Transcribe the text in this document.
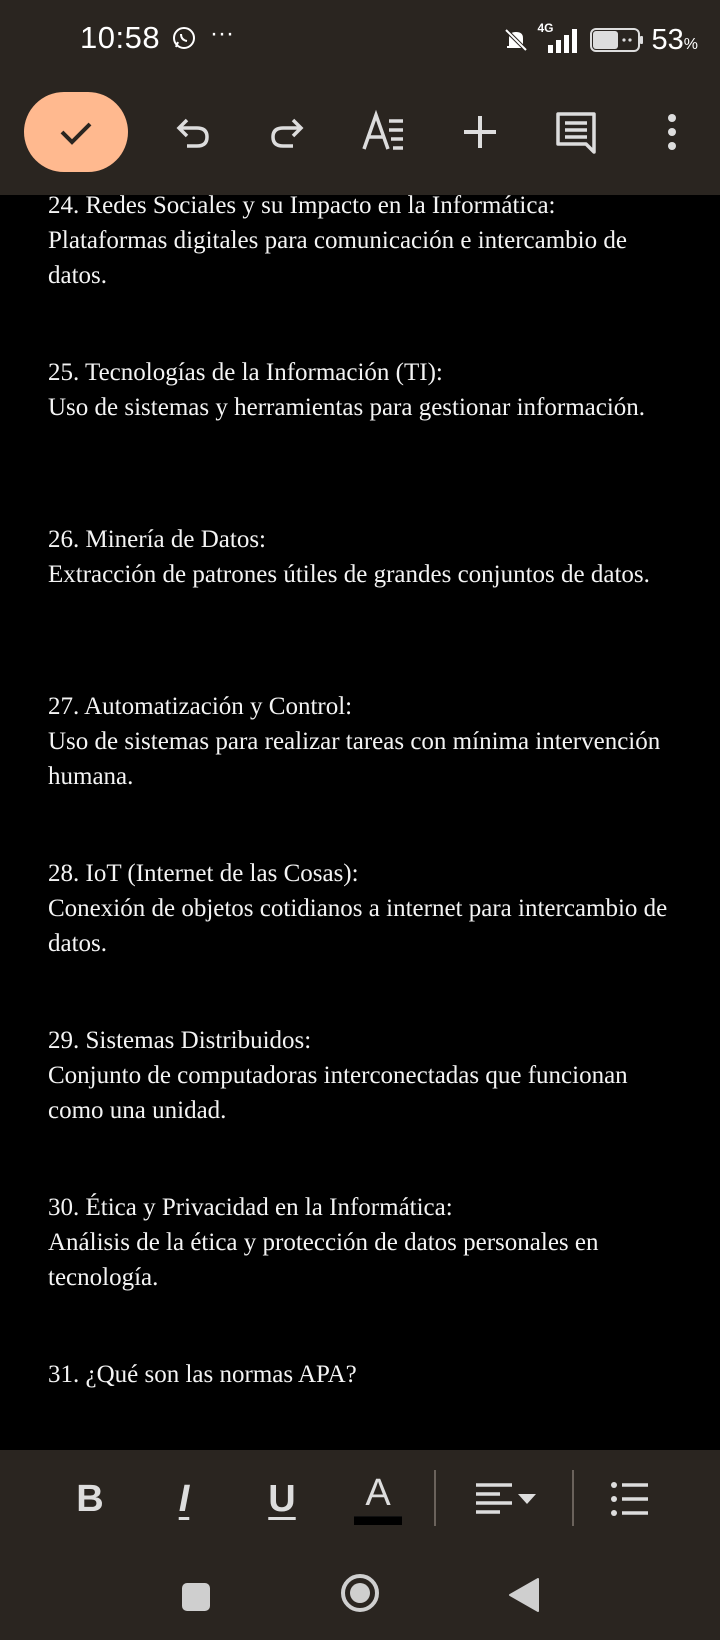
10:58 ···	4G	53%
24. Redes Sociales y su Impacto en la Informática:
Plataformas digitales para comunicación e intercambio de datos.
25. Tecnologías de la Información (TI):
Uso de sistemas y herramientas para gestionar información.
26. Minería de Datos:
Extracción de patrones útiles de grandes conjuntos de datos.
27. Automatización y Control:
Uso de sistemas para realizar tareas con mínima intervención humana.
28. IoT (Internet de las Cosas):
Conexión de objetos cotidianos a internet para intercambio de datos.
29. Sistemas Distribuidos:
Conjunto de computadoras interconectadas que funcionan como una unidad.
30. Ética y Privacidad en la Informática:
Análisis de la ética y protección de datos personales en tecnología.
31. ¿Qué son las normas APA?
B I U A
